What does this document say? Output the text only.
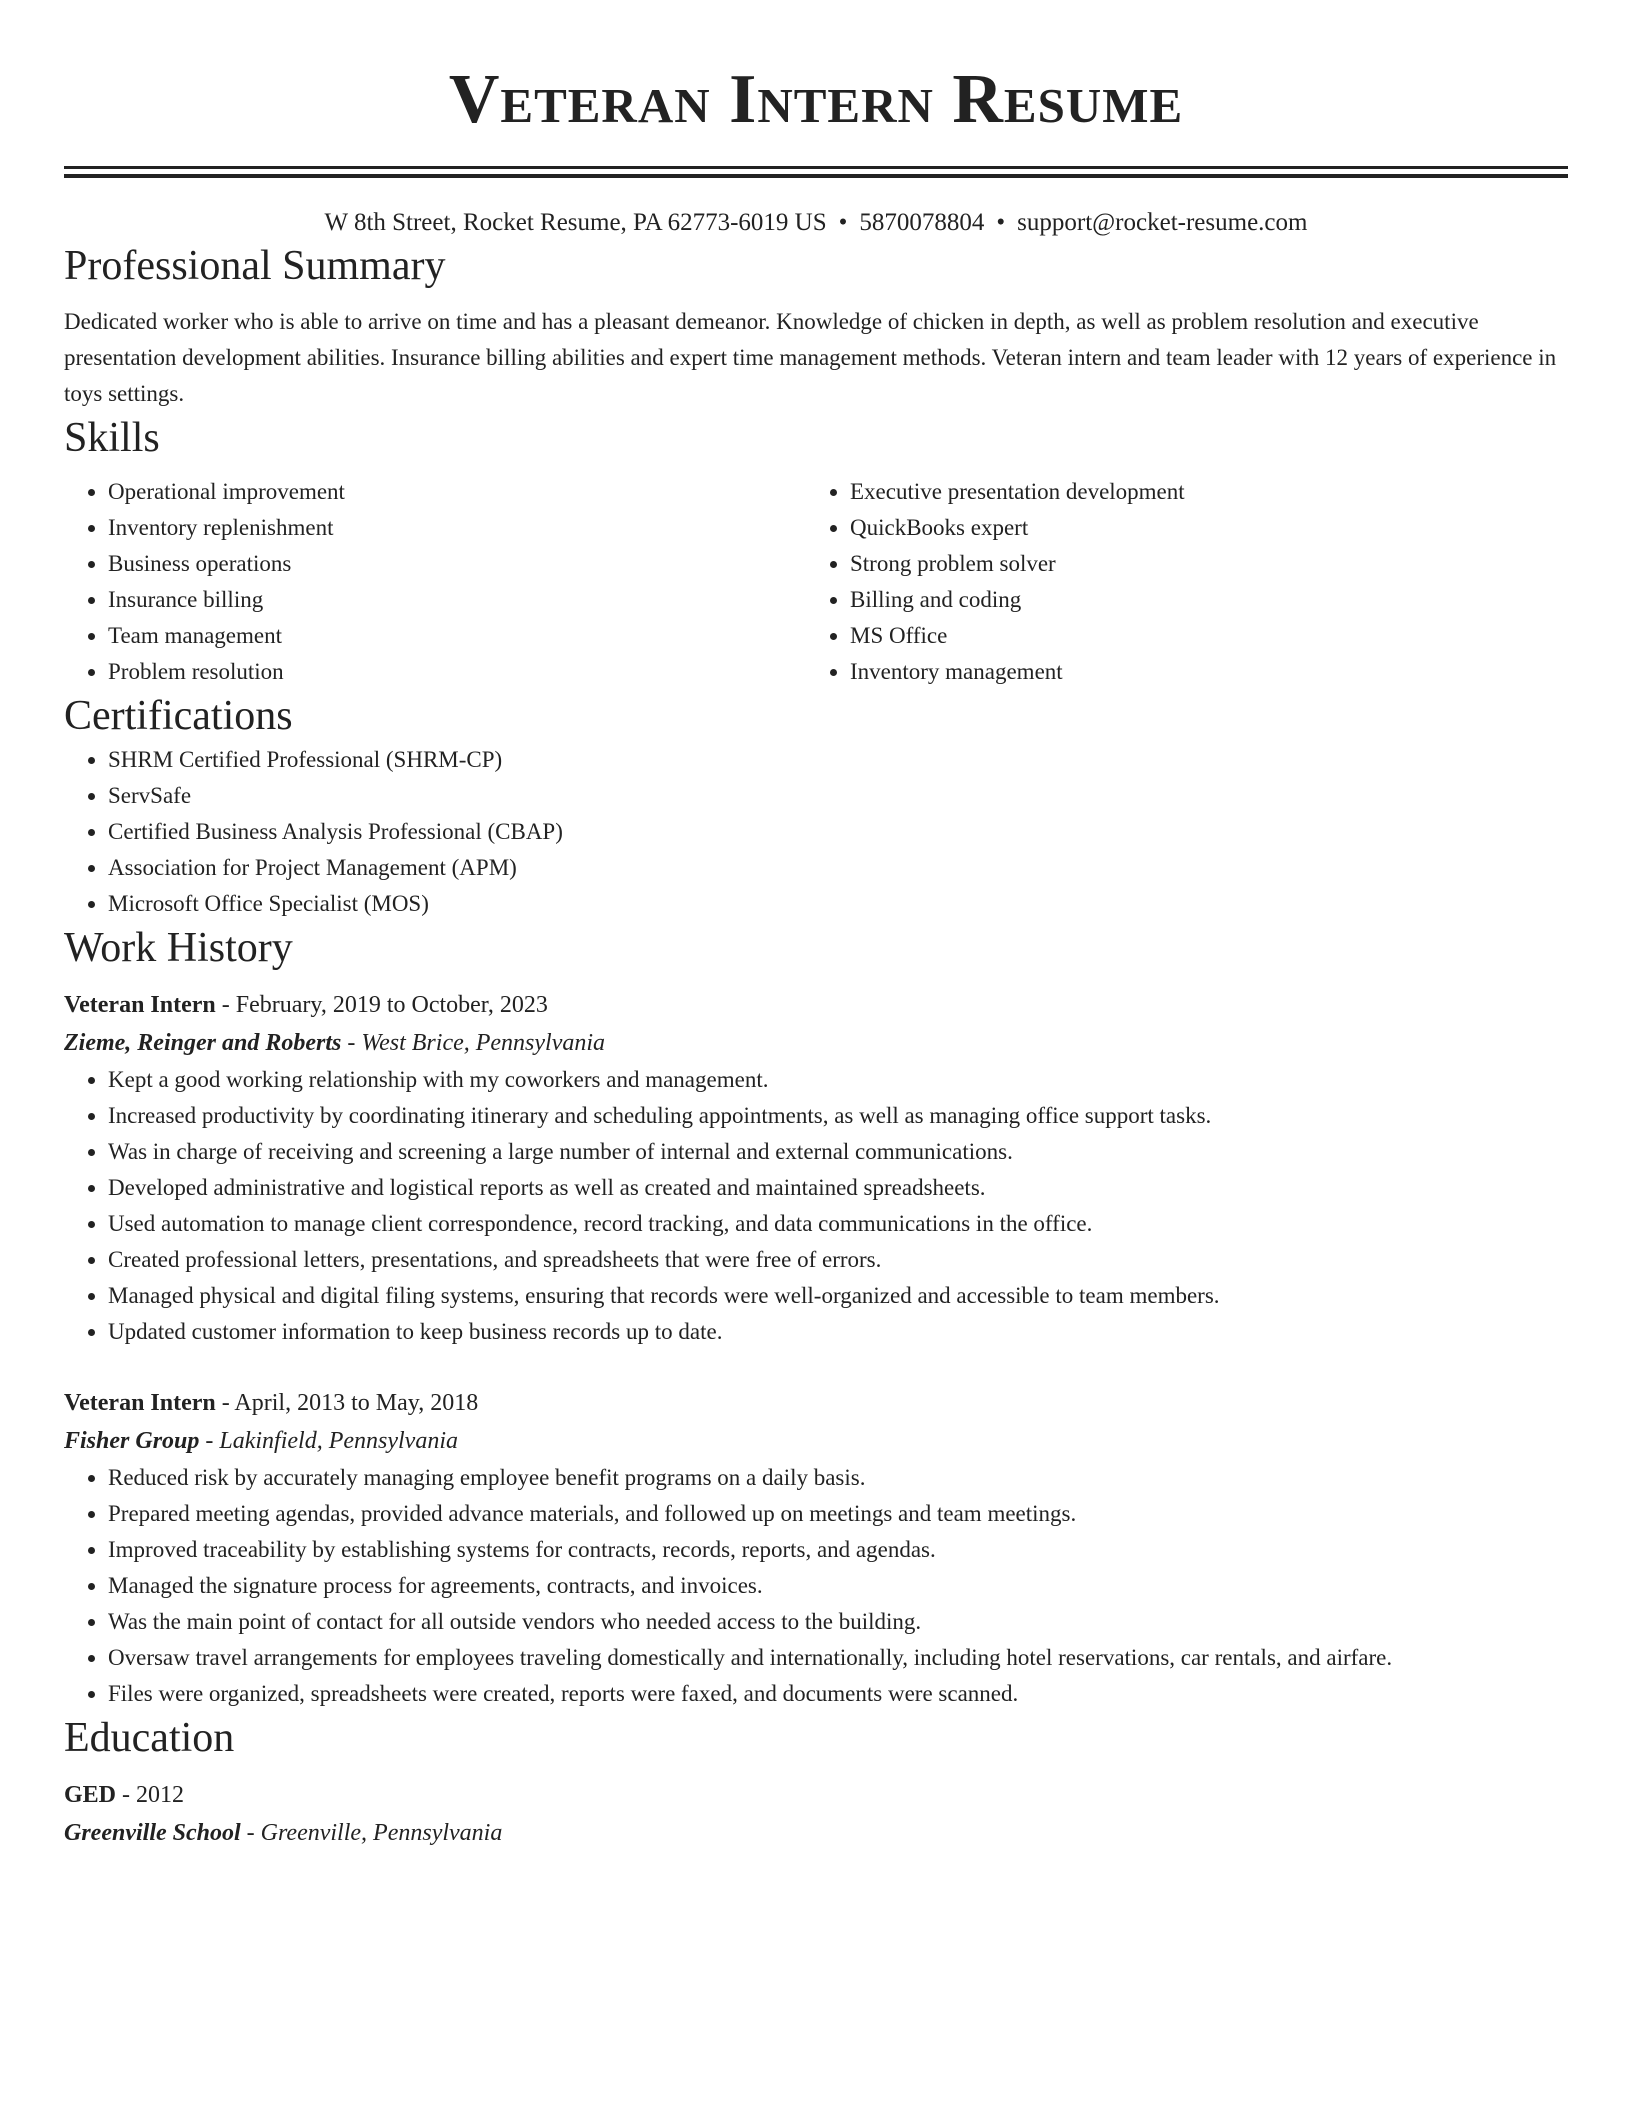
Veteran Intern Resume
W 8th Street, Rocket Resume, PA 62773-6019 US • 5870078804 • support@rocket-resume.com
Professional Summary

Dedicated worker who is able to arrive on time and has a pleasant demeanor. Knowledge of chicken in depth, as well as problem resolution and executive presentation development abilities. Insurance billing abilities and expert time management methods. Veteran intern and team leader with 12 years of experience in toys settings.

Skills
• Operational improvement
• Inventory replenishment
• Business operations
• Insurance billing
• Team management
• Problem resolution
• Executive presentation development
• QuickBooks expert
• Strong problem solver
• Billing and coding
• MS Office
• Inventory management
Certifications
• SHRM Certified Professional (SHRM-CP)
• ServSafe
• Certified Business Analysis Professional (CBAP)
• Association for Project Management (APM)
• Microsoft Office Specialist (MOS)
Work History
Veteran Intern - February, 2019 to October, 2023
Zieme, Reinger and Roberts - West Brice, Pennsylvania
• Kept a good working relationship with my coworkers and management.
• Increased productivity by coordinating itinerary and scheduling appointments, as well as managing office support tasks.
• Was in charge of receiving and screening a large number of internal and external communications.
• Developed administrative and logistical reports as well as created and maintained spreadsheets.
• Used automation to manage client correspondence, record tracking, and data communications in the office.
• Created professional letters, presentations, and spreadsheets that were free of errors.
• Managed physical and digital filing systems, ensuring that records were well-organized and accessible to team members.
• Updated customer information to keep business records up to date.
Veteran Intern - April, 2013 to May, 2018
Fisher Group - Lakinfield, Pennsylvania
• Reduced risk by accurately managing employee benefit programs on a daily basis.
• Prepared meeting agendas, provided advance materials, and followed up on meetings and team meetings.
• Improved traceability by establishing systems for contracts, records, reports, and agendas.
• Managed the signature process for agreements, contracts, and invoices.
• Was the main point of contact for all outside vendors who needed access to the building.
• Oversaw travel arrangements for employees traveling domestically and internationally, including hotel reservations, car rentals, and airfare.
• Files were organized, spreadsheets were created, reports were faxed, and documents were scanned.
Education
GED - 2012
Greenville School - Greenville, Pennsylvania
